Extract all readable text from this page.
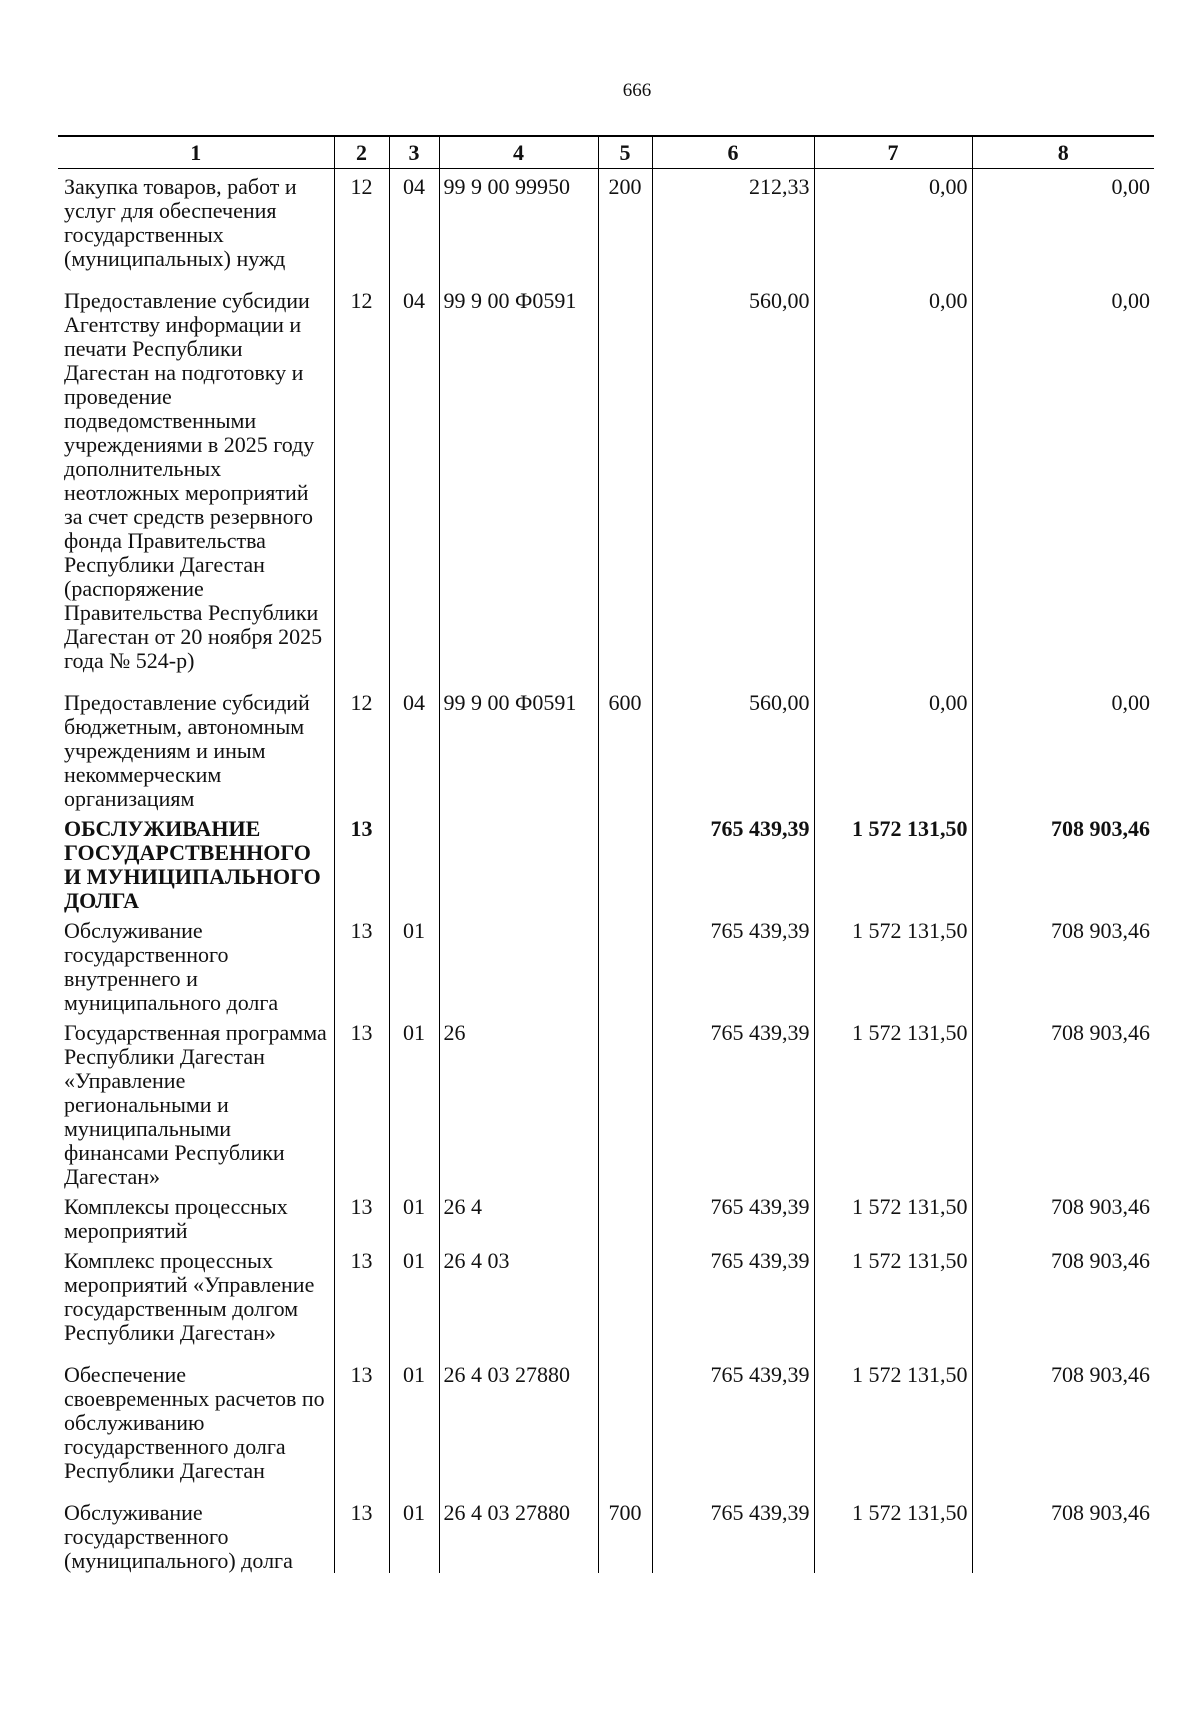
666
1	2	3	4	5	6	7	8
Закупка товаров, работ и услуг для обеспечения государственных (муниципальных) нужд	12	04	99 9 00 99950	200	212,33	0,00	0,00

Предоставление субсидии Агентству информации и печати Республики Дагестан на подготовку и проведение подведомственными учреждениями в 2025 году дополнительных неотложных мероприятий за счет средств резервного фонда Правительства Республики Дагестан (распоряжение Правительства Республики Дагестан от 20 ноября 2025 года № 524-р)	12	04	99 9 00 Ф0591		560,00	0,00	0,00

Предоставление субсидий бюджетным, автономным учреждениям и иным некоммерческим организациям	12	04	99 9 00 Ф0591	600	560,00	0,00	0,00
ОБСЛУЖИВАНИЕ ГОСУДАРСТВЕННОГО И МУНИЦИПАЛЬНОГО ДОЛГА	13				765 439,39	1 572 131,50	708 903,46
Обслуживание государственного внутреннего и муниципального долга	13	01			765 439,39	1 572 131,50	708 903,46
Государственная программа Республики Дагестан «Управление региональными и муниципальными финансами Республики Дагестан»	13	01	26		765 439,39	1 572 131,50	708 903,46
Комплексы процессных мероприятий	13	01	26 4		765 439,39	1 572 131,50	708 903,46
Комплекс процессных мероприятий «Управление государственным долгом Республики Дагестан»	13	01	26 4 03		765 439,39	1 572 131,50	708 903,46

Обеспечение своевременных расчетов по обслуживанию государственного долга Республики Дагестан	13	01	26 4 03 27880		765 439,39	1 572 131,50	708 903,46

Обслуживание государственного (муниципального) долга	13	01	26 4 03 27880	700	765 439,39	1 572 131,50	708 903,46
